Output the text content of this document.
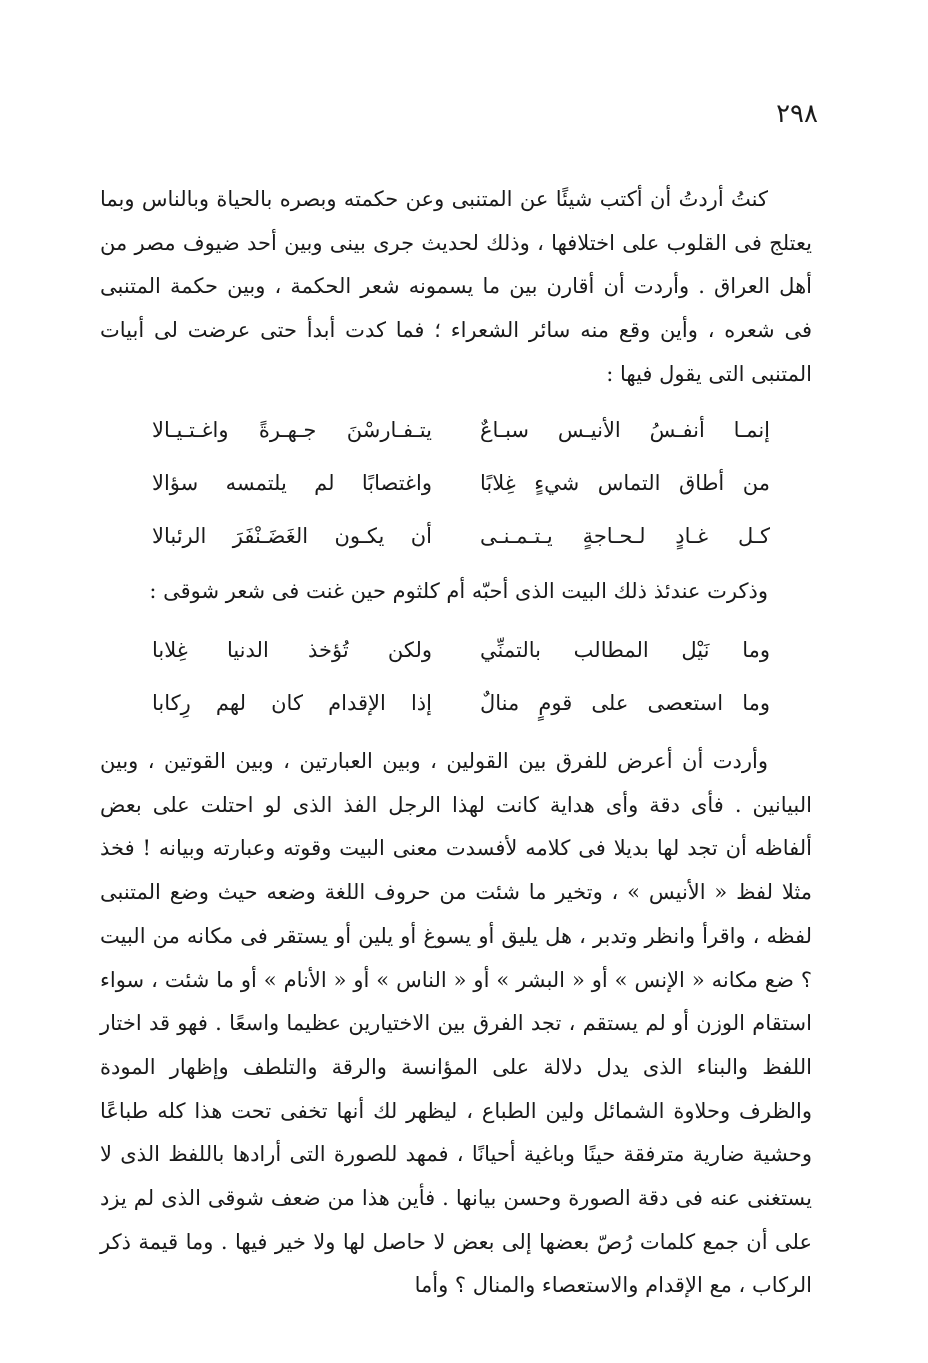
٢٩٨

كنتُ أردتُ أن أكتب شيئًا عن المتنبى وعن حكمته وبصره بالحياة وبالناس وبما يعتلج فى القلوب على اختلافها ، وذلك لحديث جرى بينى وبين أحد ضيوف مصر من أهل العراق . وأردت أن أقارن بين ما يسمونه شعر الحكمة ، وبين حكمة المتنبى فى شعره ، وأين وقع منه سائر الشعراء ؛ فما كدت أبدأ حتى عرضت لى أبيات المتنبى التى يقول فيها :

إنمـا أنفـسُ الأنيـس سبـاعٌ
يتـفـارسْنَ جـهـرةً واغـتـيـالا
من أطاق التماس شيءٍ غِلابًا
واغتصابًا لم يلتمسه سؤالا
كـل غـادٍ لـحـاجةٍ يـتـمـنـى
أن يكـون الغَضَـنْفَرَ الرئبالا

وذكرت عندئذ ذلك البيت الذى أحبّه أم كلثوم حين غنت فى شعر شوقى :

وما نَيْل المطالب بالتمنِّي
ولكن تُؤخذ الدنيا غِلابا
وما استعصى على قومٍ منالٌ
إذا الإقدام كان لهم رِكابا

وأردت أن أعرض للفرق بين القولين ، وبين العبارتين ، وبين القوتين ، وبين البيانين . فأى دقة وأى هداية كانت لهذا الرجل الفذ الذى لو احتلت على بعض ألفاظه أن تجد لها بديلا فى كلامه لأفسدت معنى البيت وقوته وعبارته وبيانه ! فخذ مثلا لفظ « الأنيس » ، وتخير ما شئت من حروف اللغة وضعه حيث وضع المتنبى لفظه ، واقرأ وانظر وتدبر ، هل يليق أو يسوغ أو يلين أو يستقر فى مكانه من البيت ؟ ضع مكانه « الإنس » أو « البشر » أو « الناس » أو « الأنام » أو ما شئت ، سواء استقام الوزن أو لم يستقم ، تجد الفرق بين الاختيارين عظيما واسعًا . فهو قد اختار اللفظ والبناء الذى يدل دلالة على المؤانسة والرقة والتلطف وإظهار المودة والظرف وحلاوة الشمائل ولين الطباع ، ليظهر لك أنها تخفى تحت هذا كله طباعًا وحشية ضارية مترفقة حينًا وباغية أحيانًا ، فمهد للصورة التى أرادها باللفظ الذى لا يستغنى عنه فى دقة الصورة وحسن بيانها . فأين هذا من ضعف شوقى الذى لم يزد على أن جمع كلمات رُصّ بعضها إلى بعض لا حاصل لها ولا خير فيها . وما قيمة ذكر الركاب ، مع الإقدام والاستعصاء والمنال ؟ وأما
